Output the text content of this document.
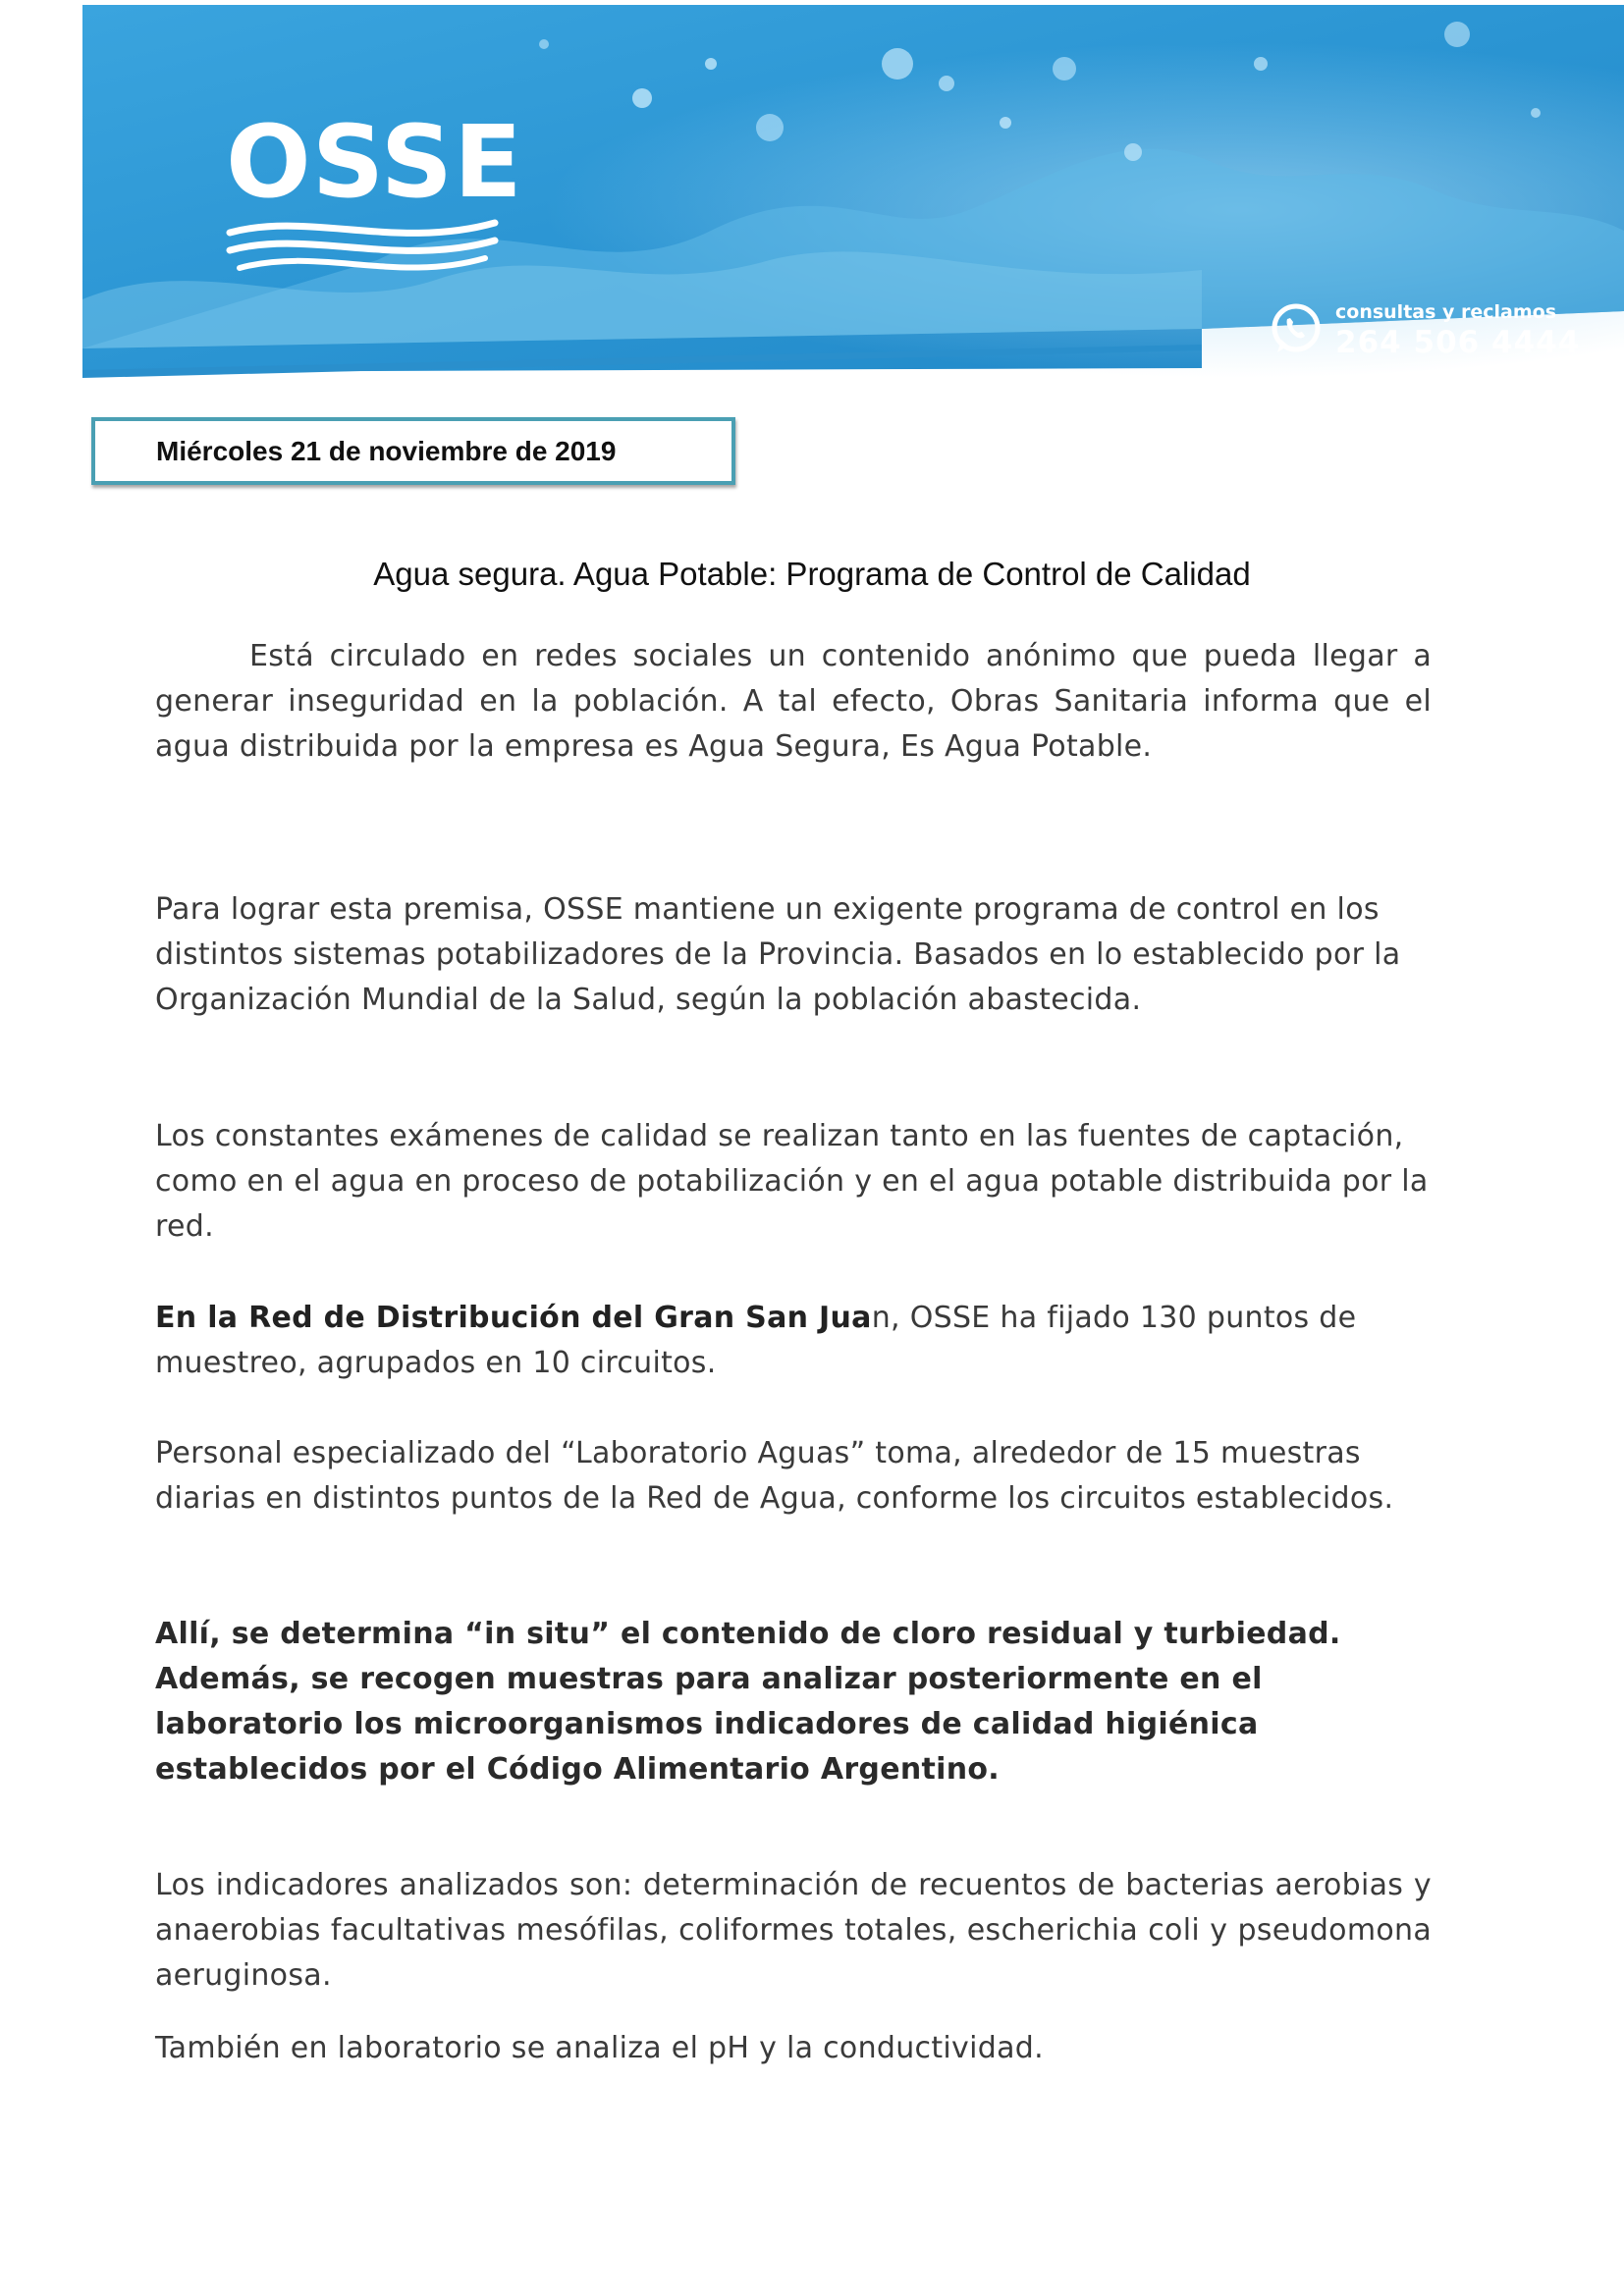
OSSE
consultas y reclamos
264 506 4444
Miércoles 21 de noviembre de 2019
Agua segura. Agua Potable: Programa de Control de Calidad

Está circulado en redes sociales un contenido anónimo que pueda llegar a generar inseguridad en la población. A tal efecto, Obras Sanitaria informa que el agua distribuida por la empresa es Agua Segura, Es Agua Potable.

Para lograr esta premisa, OSSE mantiene un exigente programa de control en los distintos sistemas potabilizadores de la Provincia. Basados en lo establecido por la Organización Mundial de la Salud, según la población abastecida.

Los constantes exámenes de calidad se realizan tanto en las fuentes de captación, como en el agua en proceso de potabilización y en el agua potable distribuida por la red.

En la Red de Distribución del Gran San Juan, OSSE ha fijado 130 puntos de muestreo, agrupados en 10 circuitos.

Personal especializado del “Laboratorio Aguas” toma, alrededor de 15 muestras diarias en distintos puntos de la Red de Agua, conforme los circuitos establecidos.

Allí, se determina “in situ” el contenido de cloro residual y turbiedad. Además, se recogen muestras para analizar posteriormente en el laboratorio los microorganismos indicadores de calidad higiénica establecidos por el Código Alimentario Argentino.

Los indicadores analizados son: determinación de recuentos de bacterias aerobias y anaerobias facultativas mesófilas, coliformes totales, escherichia coli y pseudomona aeruginosa.

También en laboratorio se analiza el pH y la conductividad.
